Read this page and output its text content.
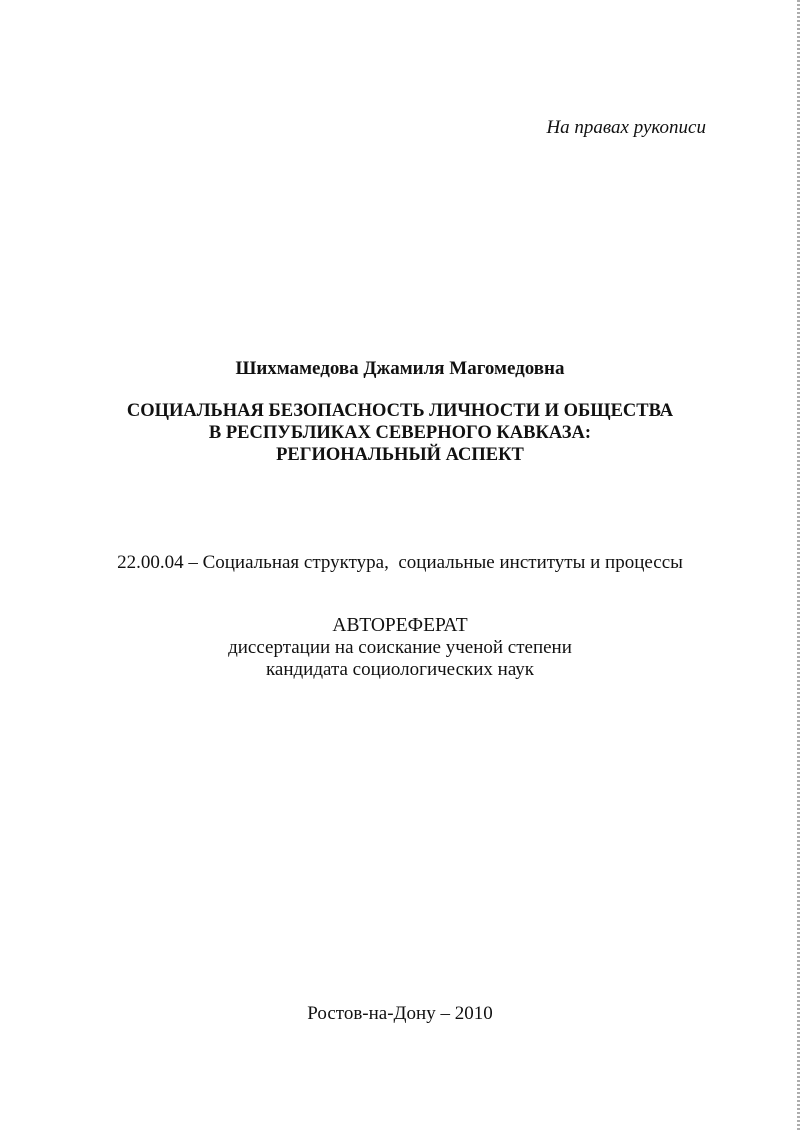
На правах рукописи
Шихмамедова Джамиля Магомедовна
СОЦИАЛЬНАЯ БЕЗОПАСНОСТЬ ЛИЧНОСТИ И ОБЩЕСТВА
В РЕСПУБЛИКАХ СЕВЕРНОГО КАВКАЗА:
РЕГИОНАЛЬНЫЙ АСПЕКТ
22.00.04 – Социальная структура,  социальные институты и процессы
АВТОРЕФЕРАТ
диссертации на соискание ученой степени
кандидата социологических наук
Ростов-на-Дону – 2010
